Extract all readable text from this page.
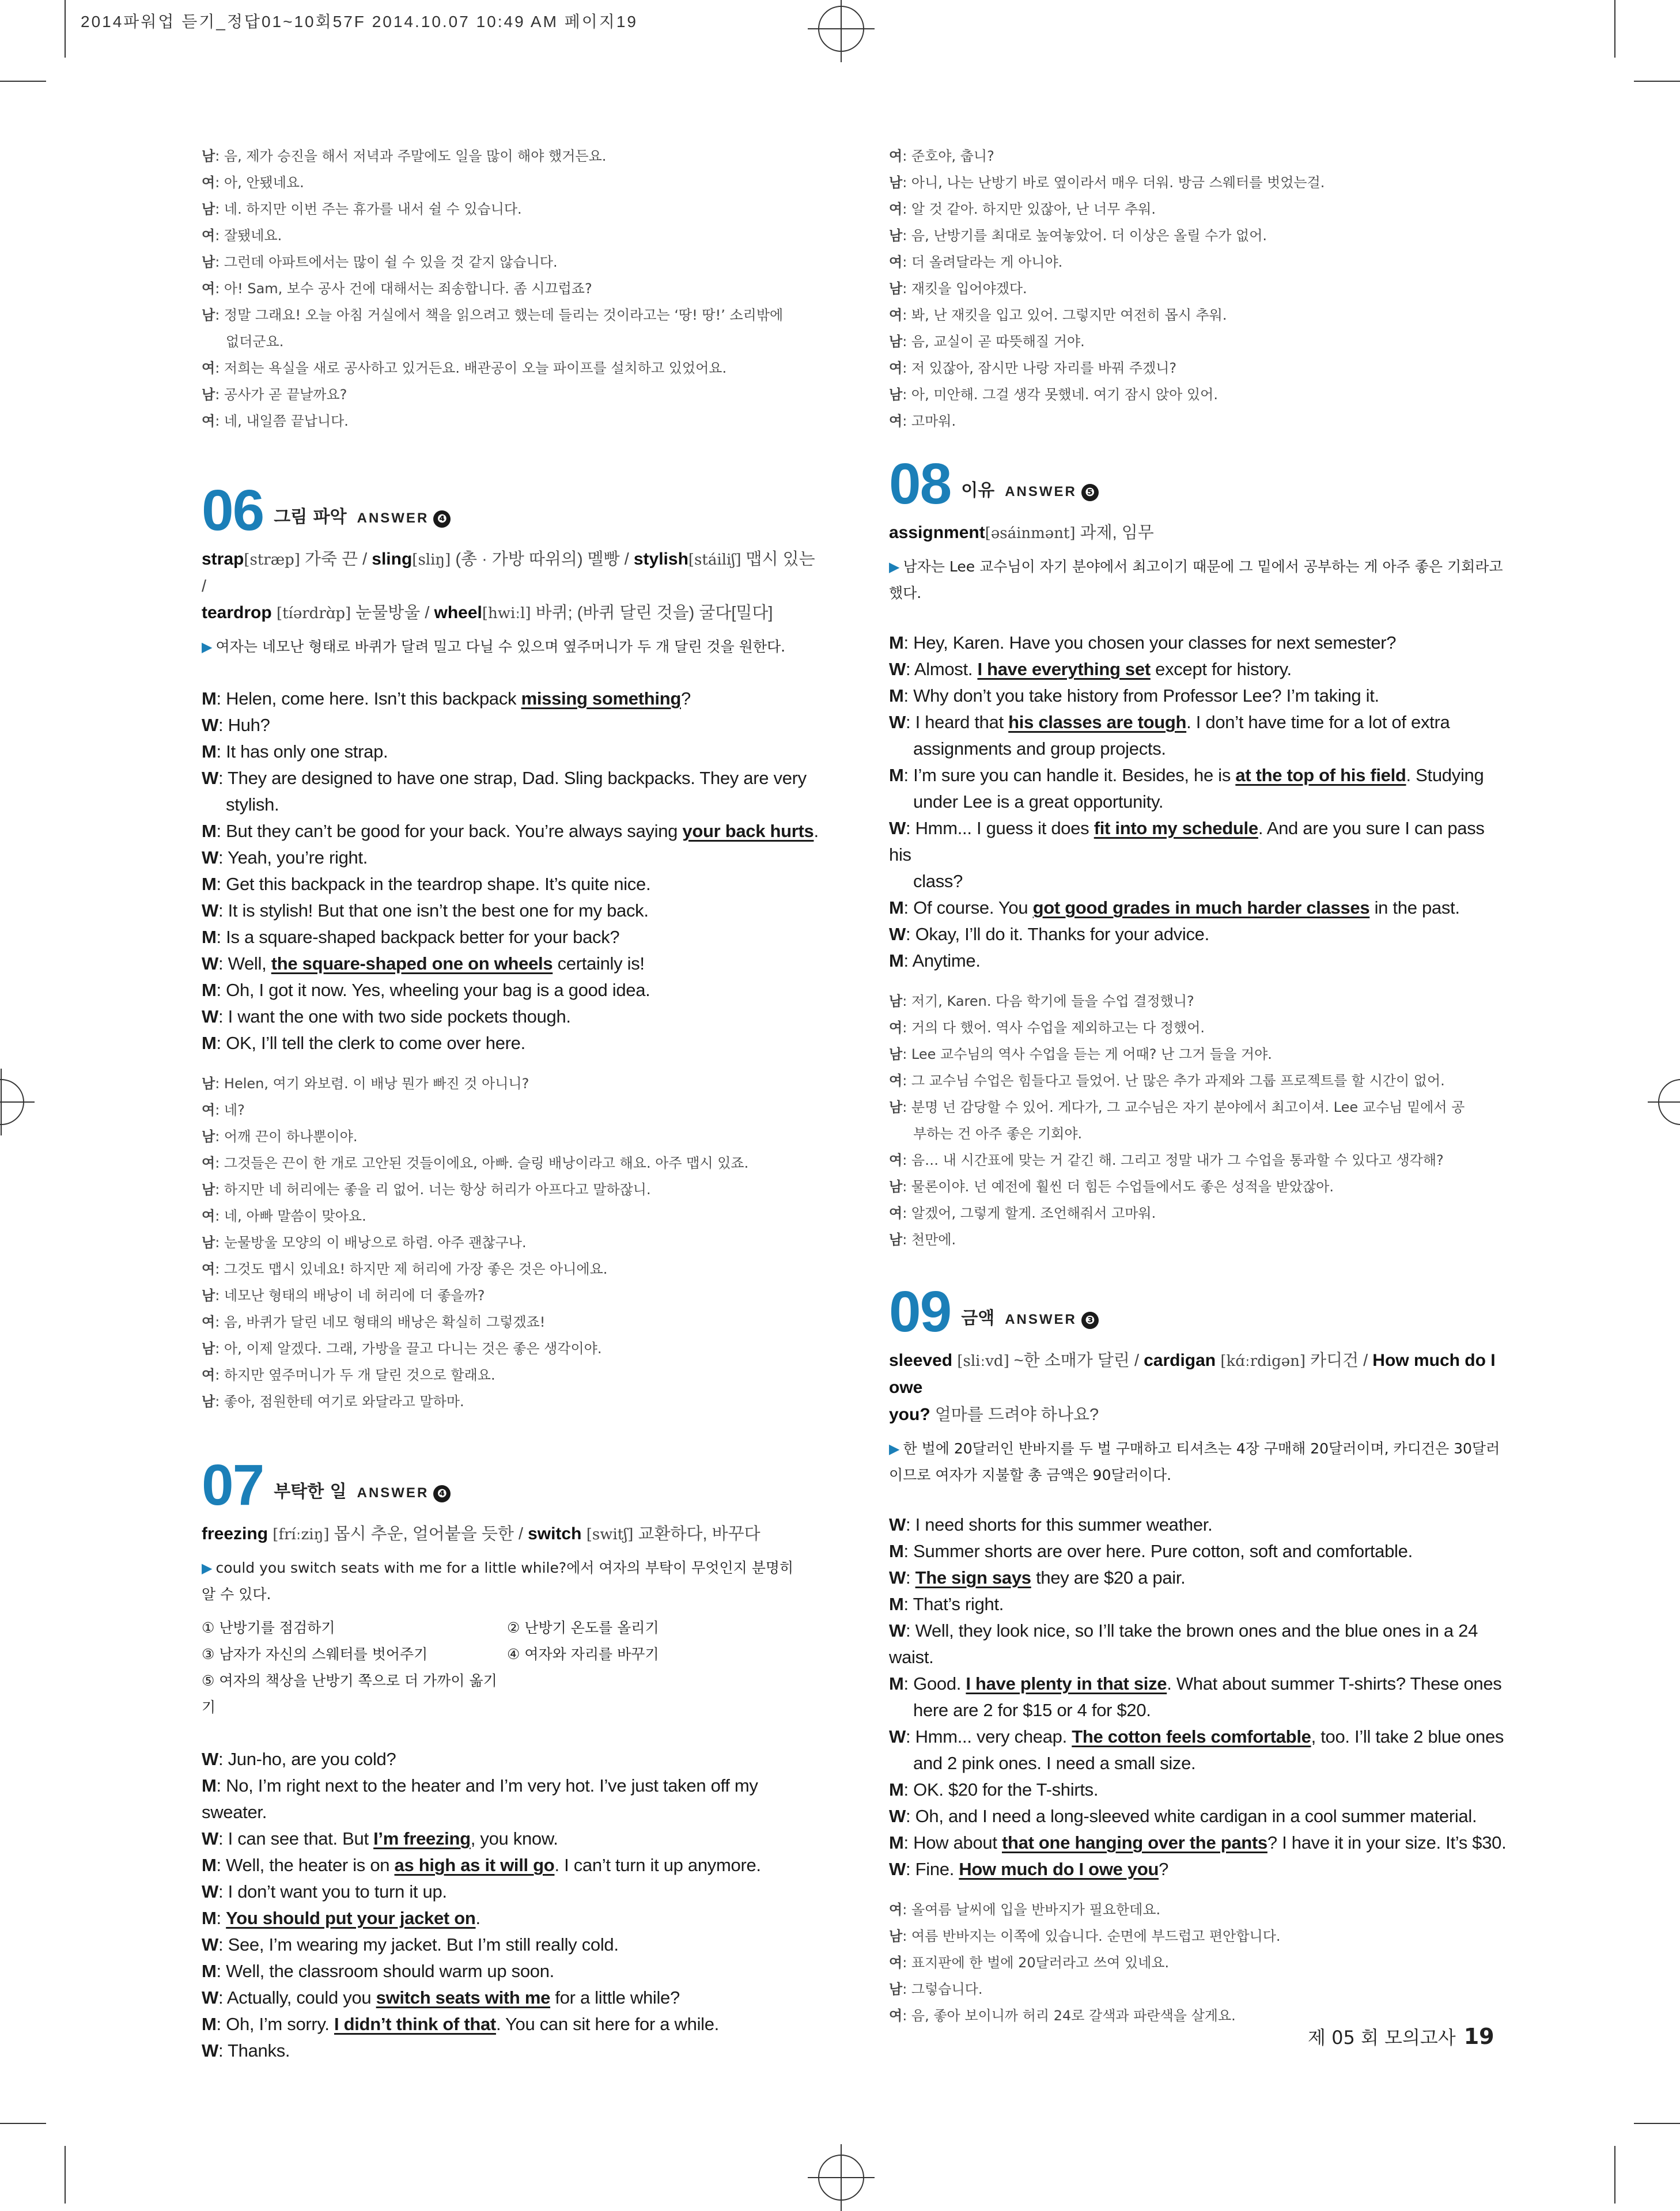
2014파워업 듣기_정답01~10회57F 2014.10.07 10:49 AM 페이지19

남: 음, 제가 승진을 해서 저녁과 주말에도 일을 많이 해야 했거든요.

여: 아, 안됐네요.

남: 네. 하지만 이번 주는 휴가를 내서 쉴 수 있습니다.

여: 잘됐네요.

남: 그런데 아파트에서는 많이 쉴 수 있을 것 같지 않습니다.

여: 아! Sam, 보수 공사 건에 대해서는 죄송합니다. 좀 시끄럽죠?

남: 정말 그래요! 오늘 아침 거실에서 책을 읽으려고 했는데 들리는 것이라고는 ‘땅! 땅!’ 소리밖에

없더군요.

여: 저희는 욕실을 새로 공사하고 있거든요. 배관공이 오늘 파이프를 설치하고 있었어요.

남: 공사가 곧 끝날까요?

여: 네, 내일쯤 끝납니다.

06 그림 파악 ANSWER ❹
strap[strӕp] 가죽 끈 / sling[sliŋ] (총 · 가방 따위의) 멜빵 / stylish[stáiliʃ] 맵시 있는 /
teardrop [tíərdrɑ̀p] 눈물방울 / wheel[hwiːl] 바퀴; (바퀴 달린 것을) 굴다[밀다]
▶ 여자는 네모난 형태로 바퀴가 달려 밀고 다닐 수 있으며 옆주머니가 두 개 달린 것을 원한다.

M: Helen, come here. Isn’t this backpack missing something?

W: Huh?

M: It has only one strap.

W: They are designed to have one strap, Dad. Sling backpacks. They are very

stylish.

M: But they can’t be good for your back. You’re always saying your back hurts.

W: Yeah, you’re right.

M: Get this backpack in the teardrop shape. It’s quite nice.

W: It is stylish! But that one isn’t the best one for my back.

M: Is a square-shaped backpack better for your back?

W: Well, the square-shaped one on wheels certainly is!

M: Oh, I got it now. Yes, wheeling your bag is a good idea.

W: I want the one with two side pockets though.

M: OK, I’ll tell the clerk to come over here.

남: Helen, 여기 와보렴. 이 배낭 뭔가 빠진 것 아니니?

여: 네?

남: 어깨 끈이 하나뿐이야.

여: 그것들은 끈이 한 개로 고안된 것들이에요, 아빠. 슬링 배낭이라고 해요. 아주 맵시 있죠.

남: 하지만 네 허리에는 좋을 리 없어. 너는 항상 허리가 아프다고 말하잖니.

여: 네, 아빠 말씀이 맞아요.

남: 눈물방울 모양의 이 배낭으로 하렴. 아주 괜찮구나.

여: 그것도 맵시 있네요! 하지만 제 허리에 가장 좋은 것은 아니에요.

남: 네모난 형태의 배낭이 네 허리에 더 좋을까?

여: 음, 바퀴가 달린 네모 형태의 배낭은 확실히 그렇겠죠!

남: 아, 이제 알겠다. 그래, 가방을 끌고 다니는 것은 좋은 생각이야.

여: 하지만 옆주머니가 두 개 달린 것으로 할래요.

남: 좋아, 점원한테 여기로 와달라고 말하마.

07 부탁한 일 ANSWER ❹
freezing [fríːziŋ] 몹시 추운, 얼어붙을 듯한 / switch [switʃ] 교환하다, 바꾸다
▶ could you switch seats with me for a little while?에서 여자의 부탁이 무엇인지 분명히
알 수 있다.
① 난방기를 점검하기	② 난방기 온도를 올리기
③ 남자가 자신의 스웨터를 벗어주기	④ 여자와 자리를 바꾸기
⑤ 여자의 책상을 난방기 쪽으로 더 가까이 옮기기

W: Jun-ho, are you cold?

M: No, I’m right next to the heater and I’m very hot. I’ve just taken off my sweater.

W: I can see that. But I’m freezing, you know.

M: Well, the heater is on as high as it will go. I can’t turn it up anymore.

W: I don’t want you to turn it up.

M: You should put your jacket on.

W: See, I’m wearing my jacket. But I’m still really cold.

M: Well, the classroom should warm up soon.

W: Actually, could you switch seats with me for a little while?

M: Oh, I’m sorry. I didn’t think of that. You can sit here for a while.

W: Thanks.

여: 준호야, 춥니?

남: 아니, 나는 난방기 바로 옆이라서 매우 더워. 방금 스웨터를 벗었는걸.

여: 알 것 같아. 하지만 있잖아, 난 너무 추워.

남: 음, 난방기를 최대로 높여놓았어. 더 이상은 올릴 수가 없어.

여: 더 올려달라는 게 아니야.

남: 재킷을 입어야겠다.

여: 봐, 난 재킷을 입고 있어. 그렇지만 여전히 몹시 추워.

남: 음, 교실이 곧 따뜻해질 거야.

여: 저 있잖아, 잠시만 나랑 자리를 바꿔 주겠니?

남: 아, 미안해. 그걸 생각 못했네. 여기 잠시 앉아 있어.

여: 고마워.

08 이유 ANSWER ❺
assignment[əsáinmənt] 과제, 임무
▶ 남자는 Lee 교수님이 자기 분야에서 최고이기 때문에 그 밑에서 공부하는 게 아주 좋은 기회라고
했다.

M: Hey, Karen. Have you chosen your classes for next semester?

W: Almost. I have everything set except for history.

M: Why don’t you take history from Professor Lee? I’m taking it.

W: I heard that his classes are tough. I don’t have time for a lot of extra

assignments and group projects.

M: I’m sure you can handle it. Besides, he is at the top of his field. Studying

under Lee is a great opportunity.

W: Hmm... I guess it does fit into my schedule. And are you sure I can pass his

class?

M: Of course. You got good grades in much harder classes in the past.

W: Okay, I’ll do it. Thanks for your advice.

M: Anytime.

남: 저기, Karen. 다음 학기에 들을 수업 결정했니?

여: 거의 다 했어. 역사 수업을 제외하고는 다 정했어.

남: Lee 교수님의 역사 수업을 듣는 게 어때? 난 그거 들을 거야.

여: 그 교수님 수업은 힘들다고 들었어. 난 많은 추가 과제와 그룹 프로젝트를 할 시간이 없어.

남: 분명 넌 감당할 수 있어. 게다가, 그 교수님은 자기 분야에서 최고이셔. Lee 교수님 밑에서 공

부하는 건 아주 좋은 기회야.

여: 음… 내 시간표에 맞는 거 같긴 해. 그리고 정말 내가 그 수업을 통과할 수 있다고 생각해?

남: 물론이야. 넌 예전에 훨씬 더 힘든 수업들에서도 좋은 성적을 받았잖아.

여: 알겠어, 그렇게 할게. 조언해줘서 고마워.

남: 천만에.

09 금액 ANSWER ❸
sleeved [sliːvd] ~한 소매가 달린 / cardigan [kɑ́ːrdigən] 카디건 / How much do I owe
you? 얼마를 드려야 하나요?
▶ 한 벌에 20달러인 반바지를 두 벌 구매하고 티셔츠는 4장 구매해 20달러이며, 카디건은 30달러
이므로 여자가 지불할 총 금액은 90달러이다.

W: I need shorts for this summer weather.

M: Summer shorts are over here. Pure cotton, soft and comfortable.

W: The sign says they are $20 a pair.

M: That’s right.

W: Well, they look nice, so I’ll take the brown ones and the blue ones in a 24 waist.

M: Good. I have plenty in that size. What about summer T-shirts? These ones

here are 2 for $15 or 4 for $20.

W: Hmm... very cheap. The cotton feels comfortable, too. I’ll take 2 blue ones

and 2 pink ones. I need a small size.

M: OK. $20 for the T-shirts.

W: Oh, and I need a long-sleeved white cardigan in a cool summer material.

M: How about that one hanging over the pants? I have it in your size. It’s $30.

W: Fine. How much do I owe you?

여: 올여름 날씨에 입을 반바지가 필요한데요.

남: 여름 반바지는 이쪽에 있습니다. 순면에 부드럽고 편안합니다.

여: 표지판에 한 벌에 20달러라고 쓰여 있네요.

남: 그렇습니다.

여: 음, 좋아 보이니까 허리 24로 갈색과 파란색을 살게요.

제 05 회 모의고사 19
